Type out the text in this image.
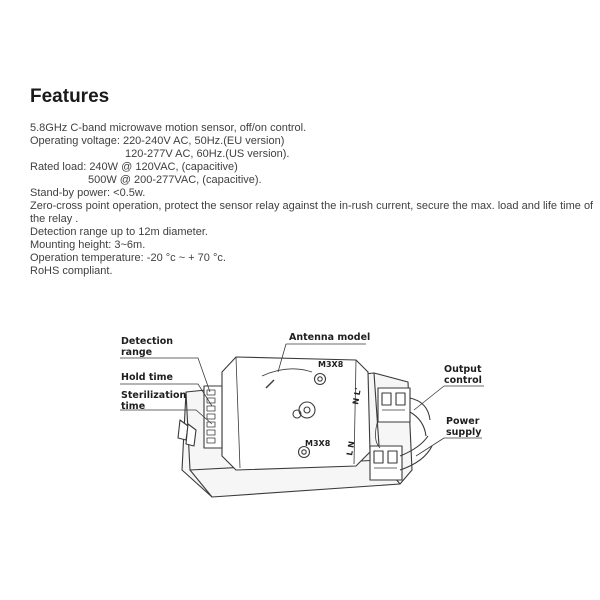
Features
5.8GHz C-band microwave motion sensor, off/on control.
Operating voltage: 220-240V AC, 50Hz.(EU version)
120-277V AC, 60Hz.(US version).
Rated load: 240W @ 120VAC, (capacitive)
500W @ 200-277VAC, (capacitive).
Stand-by power: <0.5w.
Zero-cross point operation, protect the sensor relay against the in-rush current, secure the max. load and life time of the relay .
Detection range up to 12m diameter.
Mounting height: 3~6m.
Operation temperature: -20 °c ~ + 70 °c.
RoHS compliant.
Detection
range
Hold time
Sterilization
time
Antenna model
Output
control
Power
supply
M3X8
M3X8
N L'
L N
